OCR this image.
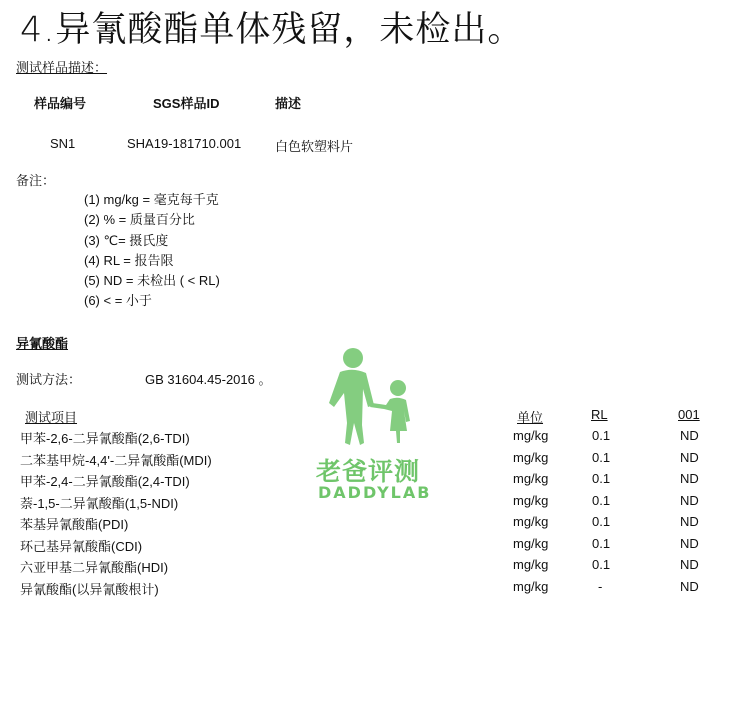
4.异氰酸酯单体残留，未检出。
测试样品描述：
样品编号	SGS样品ID	描述
SN1	SHA19-181710.001	白色软塑料片
备注：
(1) mg/kg = 毫克每千克
(2) % = 质量百分比
(3) ℃= 摄氏度
(4) RL = 报告限
(5) ND = 未检出 ( < RL)
(6) < = 小于
异氰酸酯
测试方法：	GB 31604.45-2016 。
老爸评测
DADDYLAB
测试项目	单位	RL	001
甲苯-2,6-二异氰酸酯(2,6-TDI)	mg/kg	0.1	ND
二苯基甲烷-4,4'-二异氰酸酯(MDI)	mg/kg	0.1	ND
甲苯-2,4-二异氰酸酯(2,4-TDI)	mg/kg	0.1	ND
萘-1,5-二异氰酸酯(1,5-NDI)	mg/kg	0.1	ND
苯基异氰酸酯(PDI)	mg/kg	0.1	ND
环己基异氰酸酯(CDI)	mg/kg	0.1	ND
六亚甲基二异氰酸酯(HDI)	mg/kg	0.1	ND
异氰酸酯(以异氰酸根计)	mg/kg	-	ND
